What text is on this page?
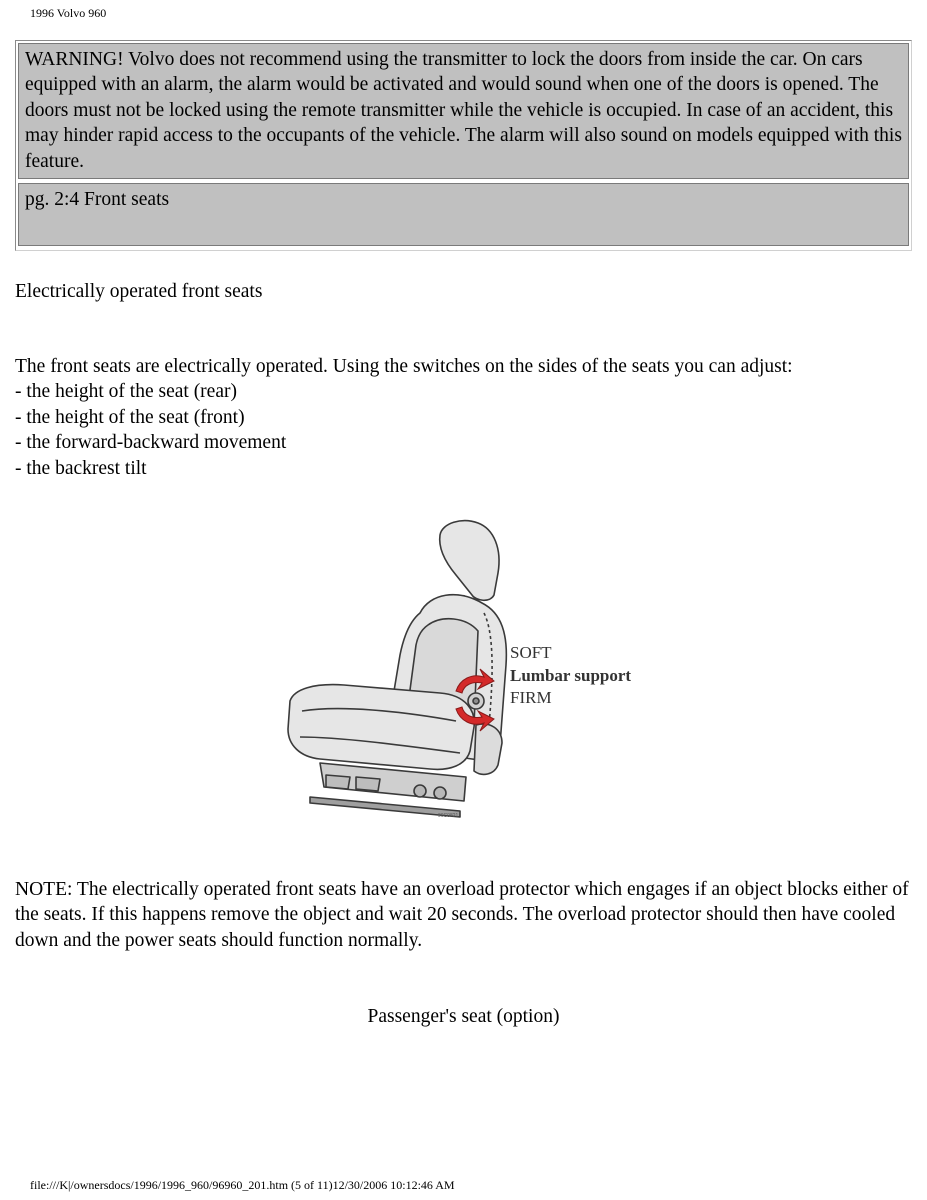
1996 Volvo 960
WARNING! Volvo does not recommend using the transmitter to lock the doors from inside the car. On cars equipped with an alarm, the alarm would be activated and would sound when one of the doors is opened. The doors must not be locked using the remote transmitter while the vehicle is occupied. In case of an accident, this may hinder rapid access to the occupants of the vehicle. The alarm will also sound on models equipped with this feature.
pg. 2:4 Front seats
Electrically operated front seats
The front seats are electrically operated. Using the switches on the sides of the seats you can adjust:
- the height of the seat (rear)
- the height of the seat (front)
- the forward-backward movement
- the backrest tilt
SOFT
Lumbar support
FIRM
96C0821
NOTE: The electrically operated front seats have an overload protector which engages if an object blocks either of the seats. If this happens remove the object and wait 20 seconds. The overload protector should then have cooled down and the power seats should function normally.
Passenger's seat (option)
file:///K|/ownersdocs/1996/1996_960/96960_201.htm (5 of 11)12/30/2006 10:12:46 AM
